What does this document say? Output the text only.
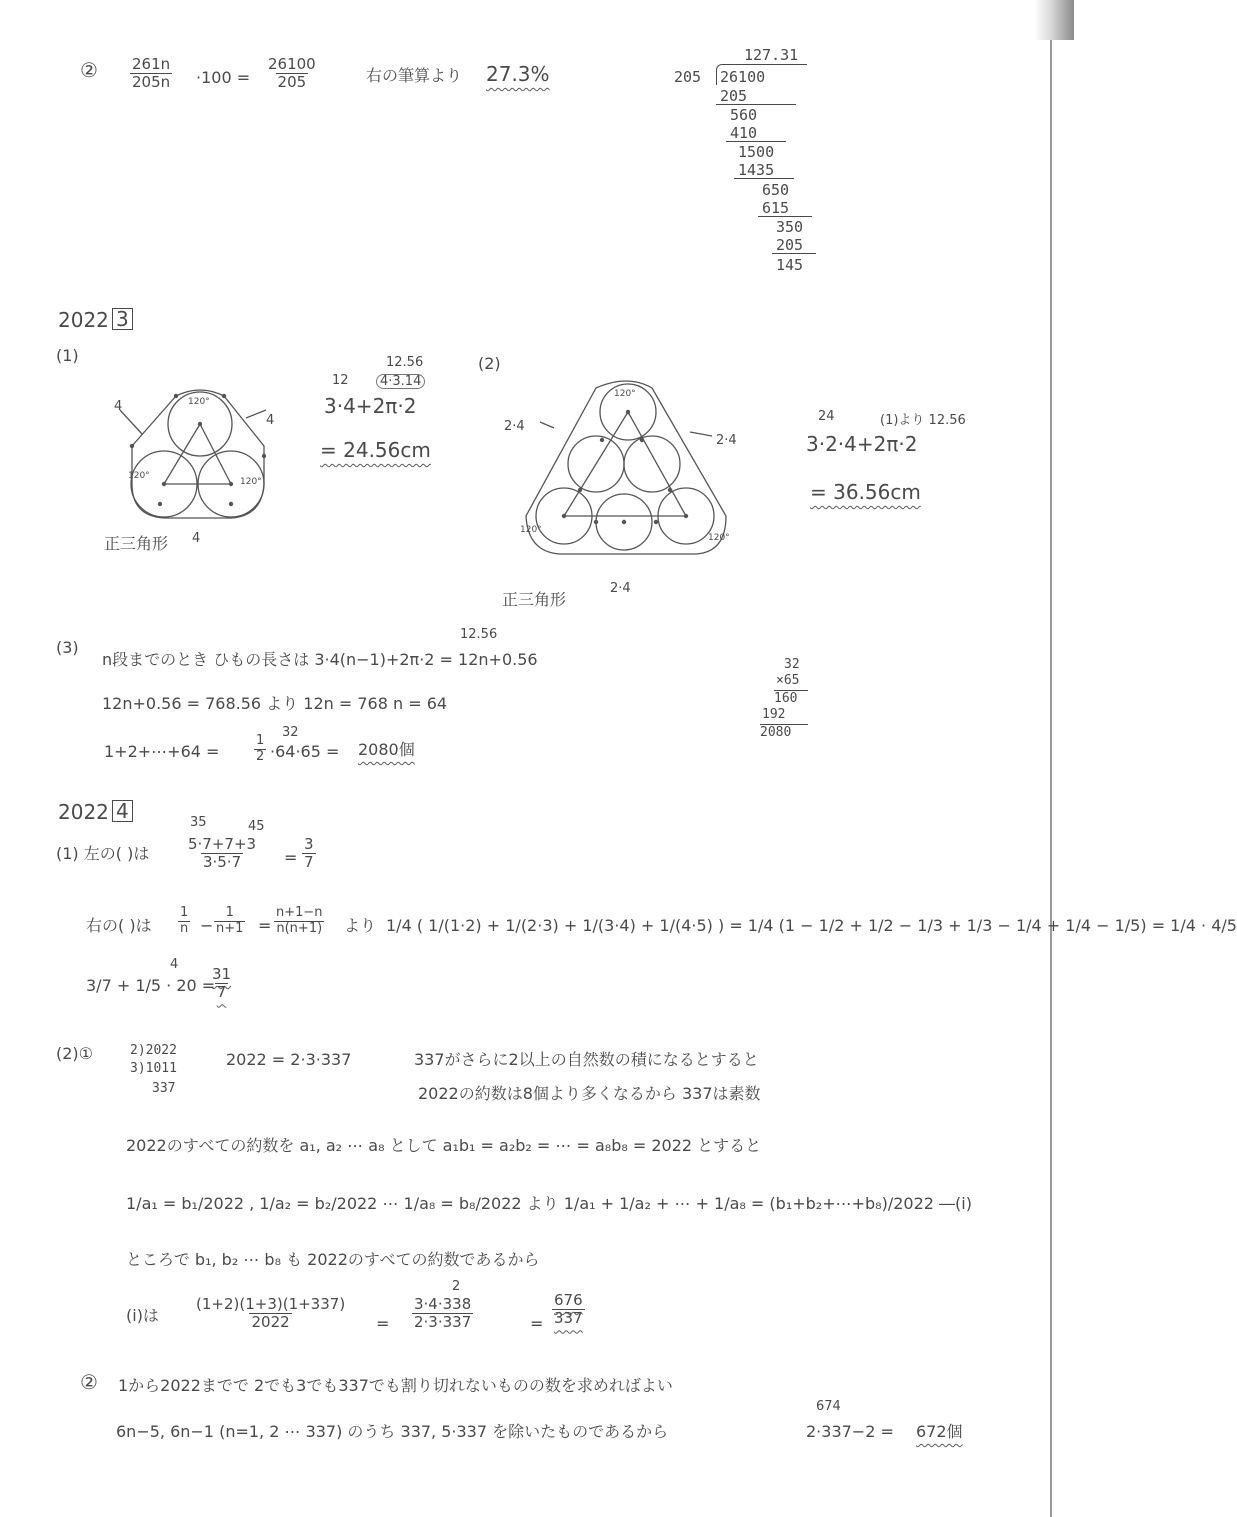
② $\frac{261n}{205n} \cdot 100 = \frac{26100}{205}$	右の筆算より 27.3%
127.31
205 26100
205
560
410
1500
1435
650
615
350
205
145
2022 3
(1)
4
4
4
120°
120°
120°
正三角形
12
12.56
4·3.14
3·4+2π·2
= 24.56cm
(2)
2·4
2·4
2·4
120°
120°
120°
正三角形
24	(1)より 12.56
3·2·4+2π·2
= 36.56cm
(3)
12.56
n段までのとき ひもの長さは 3·4(n−1)+2π·2 = 12n+0.56
12n+0.56 = 768.56 より 12n = 768 n = 64
1+2+⋯+64 =	$\frac{1}{2}$
32
·64·65 = 2080個
32
×65
160
192
2080
2022 4
(1) 左の( )は
35	45
$\frac{5\cdot 7+7+3}{3\cdot 5\cdot 7} = \frac{3}{7}$
右の( )は $\frac{1}{n} - \frac{1}{n+1} = \frac{n+1-n}{n(n+1)}$ より 1/4 ( 1/(1·2) + 1/(2·3) + 1/(3·4) + 1/(4·5) ) = 1/4 (1 − 1/2 + 1/2 − 1/3 + 1/3 − 1/4 + 1/4 − 1/5) = 1/4 · 4/5
3/7 + 1/5 · 20 =
4
$\frac{31}{7}$
(2)①	2)2022
3)1011
337
2022 = 2·3·337	337がさらに2以上の自然数の積になるとすると
2022の約数は8個より多くなるから 337は素数
2022のすべての約数を a₁, a₂ ⋯ a₈ として a₁b₁ = a₂b₂ = ⋯ = a₈b₈ = 2022 とすると
1/a₁ = b₁/2022 , 1/a₂ = b₂/2022 ⋯ 1/a₈ = b₈/2022 より 1/a₁ + 1/a₂ + ⋯ + 1/a₈ = (b₁+b₂+⋯+b₈)/2022 ―(i)
ところで b₁, b₂ ⋯ b₈ も 2022のすべての約数であるから
(i)は $\frac{(1+2)(1+3)(1+337)}{2022}$ =
2
$\frac{3\cdot 4\cdot 338}{2\cdot 3\cdot 337}$	= $\frac{676}{337}$
② 1から2022までで 2でも3でも337でも割り切れないものの数を求めればよい
6n−5, 6n−1 (n=1, 2 ⋯ 337) のうち 337, 5·337 を除いたものであるから
674
2·337−2 = 672個
